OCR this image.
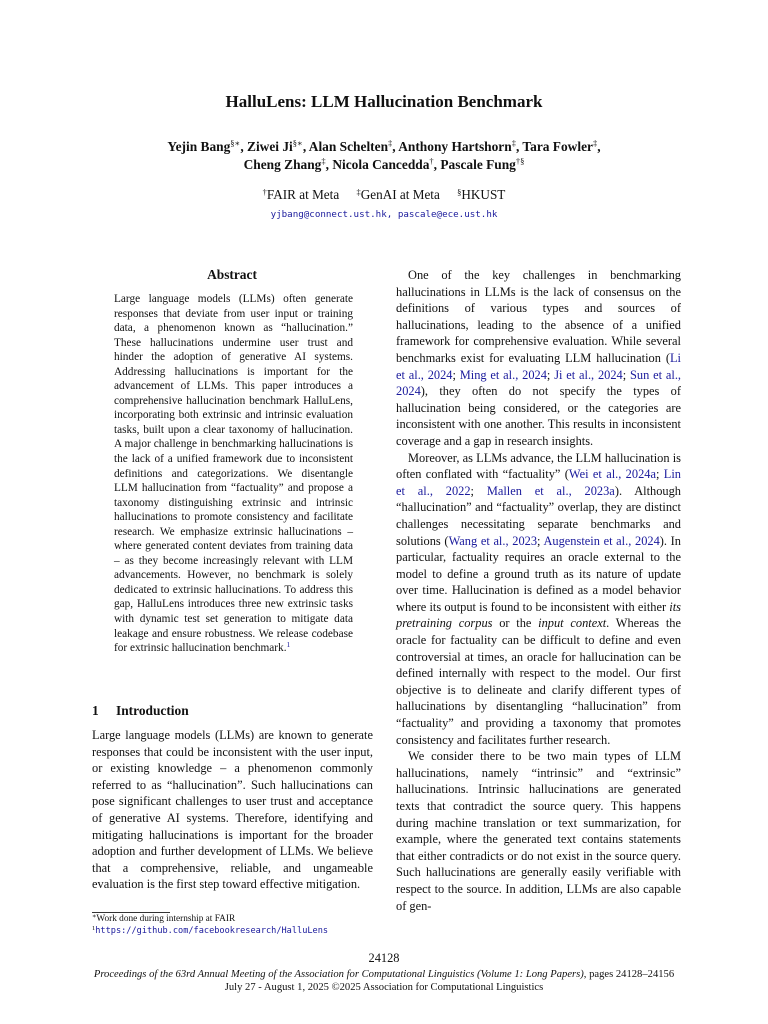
HalluLens: LLM Hallucination Benchmark
Yejin Bang§∗, Ziwei Ji§∗, Alan Schelten‡, Anthony Hartshorn‡, Tara Fowler‡,
Cheng Zhang‡, Nicola Cancedda†, Pascale Fung†§
†FAIR at Meta ‡GenAI at Meta §HKUST
yjbang@connect.ust.hk, pascale@ece.ust.hk
Abstract
Large language models (LLMs) often generate responses that deviate from user input or training data, a phenomenon known as “hallucination.” These hallucinations undermine user trust and hinder the adoption of generative AI systems. Addressing hallucinations is important for the advancement of LLMs. This paper introduces a comprehensive hallucination benchmark HalluLens, incorporating both extrinsic and intrinsic evaluation tasks, built upon a clear taxonomy of hallucination. A major challenge in benchmarking hallucinations is the lack of a unified framework due to inconsistent definitions and categorizations. We disentangle LLM hallucination from “factuality” and propose a taxonomy distinguishing extrinsic and intrinsic hallucinations to promote consistency and facilitate research. We emphasize extrinsic hallucinations – where generated content deviates from training data – as they become increasingly relevant with LLM advancements. However, no benchmark is solely dedicated to extrinsic hallucinations. To address this gap, HalluLens introduces three new extrinsic tasks with dynamic test set generation to mitigate data leakage and ensure robustness. We release codebase for extrinsic hallucination benchmark.$^1$
1 Introduction
Large language models (LLMs) are known to generate responses that could be inconsistent with the user input, or existing knowledge – a phenomenon commonly referred to as “hallucination”. Such hallucinations can pose significant challenges to user trust and acceptance of generative AI systems. Therefore, identifying and mitigating hallucinations is important for the broader adoption and further development of LLMs. We believe that a comprehensive, reliable, and ungameable evaluation is the first step toward effective mitigation.

One of the key challenges in benchmarking hallucinations in LLMs is the lack of consensus on the definitions of various types and sources of hallucinations, leading to the absence of a unified framework for comprehensive evaluation. While several benchmarks exist for evaluating LLM hallucination (Li et al., 2024; Ming et al., 2024; Ji et al., 2024; Sun et al., 2024), they often do not specify the types of hallucination being considered, or the categories are inconsistent with one another. This results in inconsistent coverage and a gap in research insights.

Moreover, as LLMs advance, the LLM hallucination is often conflated with “factuality” (Wei et al., 2024a; Lin et al., 2022; Mallen et al., 2023a). Although “hallucination” and “factuality” overlap, they are distinct challenges necessitating separate benchmarks and solutions (Wang et al., 2023; Augenstein et al., 2024). In particular, factuality requires an oracle external to the model to define a ground truth as its nature of update over time. Hallucination is defined as a model behavior where its output is found to be inconsistent with either its pretraining corpus or the input context. Whereas the oracle for factuality can be difficult to define and even controversial at times, an oracle for hallucination can be defined internally with respect to the model. Our first objective is to delineate and clarify different types of hallucinations by disentangling “hallucination” from “factuality” and providing a taxonomy that promotes consistency and facilitates further research.

We consider there to be two main types of LLM hallucinations, namely “intrinsic” and “extrinsic” hallucinations. Intrinsic hallucinations are generated texts that contradict the source query. This happens during machine translation or text summarization, for example, where the generated text contains statements that either contradicts or do not exist in the source query. Such hallucinations are generally easily verifiable with respect to the source. In addition, LLMs are also capable of gen-

∗Work done during internship at FAIR
$^1$https://github.com/facebookresearch/HalluLens
24128
Proceedings of the 63rd Annual Meeting of the Association for Computational Linguistics (Volume 1: Long Papers), pages 24128–24156
July 27 - August 1, 2025 ©2025 Association for Computational Linguistics
